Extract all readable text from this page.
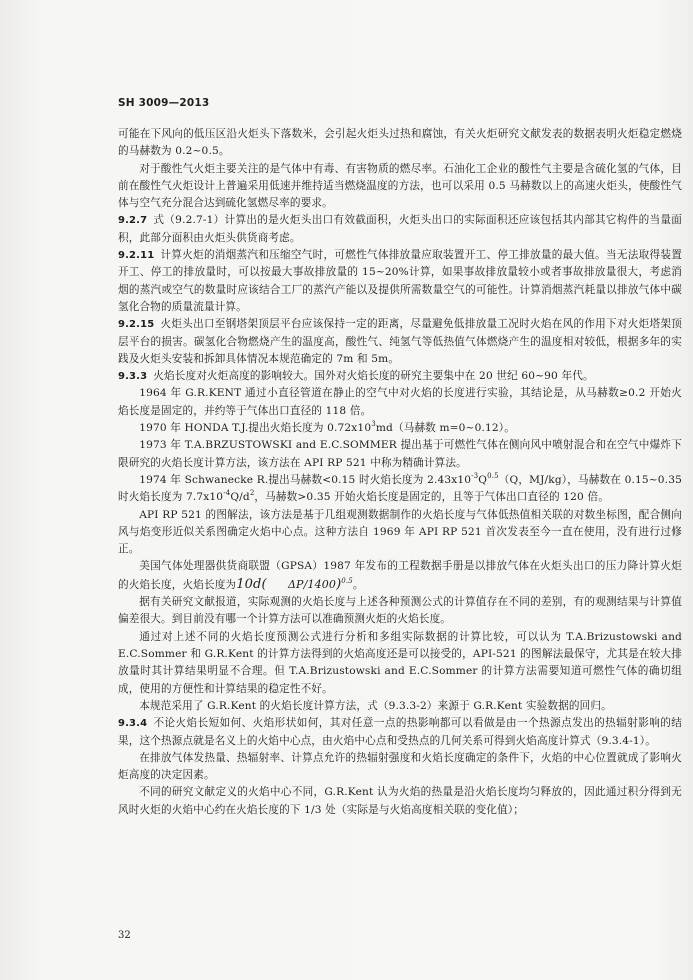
SH 3009—2013

可能在下风向的低压区沿火炬头下落数米，会引起火炬头过热和腐蚀，有关火炬研究文献发表的数据表明火炬稳定燃烧的马赫数为 0.2~0.5。

对于酸性气火炬主要关注的是气体中有毒、有害物质的燃尽率。石油化工企业的酸性气主要是含硫化氢的气体，目前在酸性气火炬设计上普遍采用低速并维持适当燃烧温度的方法，也可以采用 0.5 马赫数以上的高速火炬头，使酸性气体与空气充分混合达到硫化氢燃尽率的要求。

9.2.7 式（9.2.7-1）计算出的是火炬头出口有效截面积，火炬头出口的实际面积还应该包括其内部其它构件的当量面积，此部分面积由火炬头供货商考虑。

9.2.11 计算火炬的消烟蒸汽和压缩空气时，可燃性气体排放量应取装置开工、停工排放量的最大值。当无法取得装置开工、停工的排放量时，可以按最大事故排放量的 15~20%计算，如果事故排放量较小或者事故排放量很大，考虑消烟的蒸汽或空气的数量时应该结合工厂的蒸汽产能以及提供所需数量空气的可能性。计算消烟蒸汽耗量以排放气体中碳氢化合物的质量流量计算。

9.2.15 火炬头出口至钢塔架顶层平台应该保持一定的距离，尽量避免低排放量工况时火焰在风的作用下对火炬塔架顶层平台的损害。碳氢化合物燃烧产生的温度高，酸性气、纯氢气等低热值气体燃烧产生的温度相对较低，根据多年的实践及火炬头安装和拆卸具体情况本规范确定的 7m 和 5m。

9.3.3 火焰长度对火炬高度的影响较大。国外对火焰长度的研究主要集中在 20 世纪 60~90 年代。

1964 年 G.R.KENT 通过小直径管道在静止的空气中对火焰的长度进行实验，其结论是，从马赫数≥0.2 开始火焰长度是固定的，并约等于气体出口直径的 118 倍。

1970 年 HONDA T.J.提出火焰长度为 $0.72x10^3md$（马赫数 m=0~0.12）。

1973 年 T.A.BRZUSTOWSKI and E.C.SOMMER 提出基于可燃性气体在侧向风中喷射混合和在空气中爆炸下限研究的火焰长度计算方法，该方法在 API RP 521 中称为精确计算法。

1974 年 Schwanecke R.提出马赫数<0.15 时火焰长度为 $2.43x10^{-3}Q^{0.5}(Q$，MJ/kg），马赫数在 0.15~0.35 时火焰长度为 $7.7x10^{-4}Q/d^2$，马赫数>0.35 开始火焰长度是固定的，且等于气体出口直径的 120 倍。

API RP 521 的图解法，该方法是基于几组观测数据制作的火焰长度与气体低热值相关联的对数坐标图，配合侧向风与焰变形近似关系图确定火焰中心点。这种方法自 1969 年 API RP 521 首次发表至今一直在使用，没有进行过修正。

美国气体处理器供货商联盟（GPSA）1987 年发布的工程数据手册是以排放气体在火炬头出口的压力降计算火炬的火焰长度，火焰长度为10d( ΔP/1400)$^{0.5}$。

据有关研究文献报道，实际观测的火焰长度与上述各种预测公式的计算值存在不同的差别，有的观测结果与计算值偏差很大。到目前没有哪一个计算方法可以准确预测火炬的火焰长度。

通过对上述不同的火焰长度预测公式进行分析和多组实际数据的计算比较，可以认为 T.A.Brizustowski and E.C.Sommer 和 G.R.Kent 的计算方法得到的火焰高度还是可以接受的，API-521 的图解法最保守，尤其是在较大排放量时其计算结果明显不合理。但 T.A.Brizustowski and E.C.Sommer 的计算方法需要知道可燃性气体的确切组成，使用的方便性和计算结果的稳定性不好。

本规范采用了 G.R.Kent 的火焰长度计算方法，式（9.3.3-2）来源于 G.R.Kent 实验数据的回归。

9.3.4 不论火焰长短如何、火焰形状如何，其对任意一点的热影响都可以看做是由一个热源点发出的热辐射影响的结果，这个热源点就是名义上的火焰中心点，由火焰中心点和受热点的几何关系可得到火焰高度计算式（9.3.4-1）。

在排放气体发热量、热辐射率、计算点允许的热辐射强度和火焰长度确定的条件下，火焰的中心位置就成了影响火炬高度的决定因素。

不同的研究文献定义的火焰中心不同，G.R.Kent 认为火焰的热量是沿火焰长度均匀释放的，因此通过积分得到无风时火炬的火焰中心约在火焰长度的下 1/3 处（实际是与火焰高度相关联的变化值）；

32
